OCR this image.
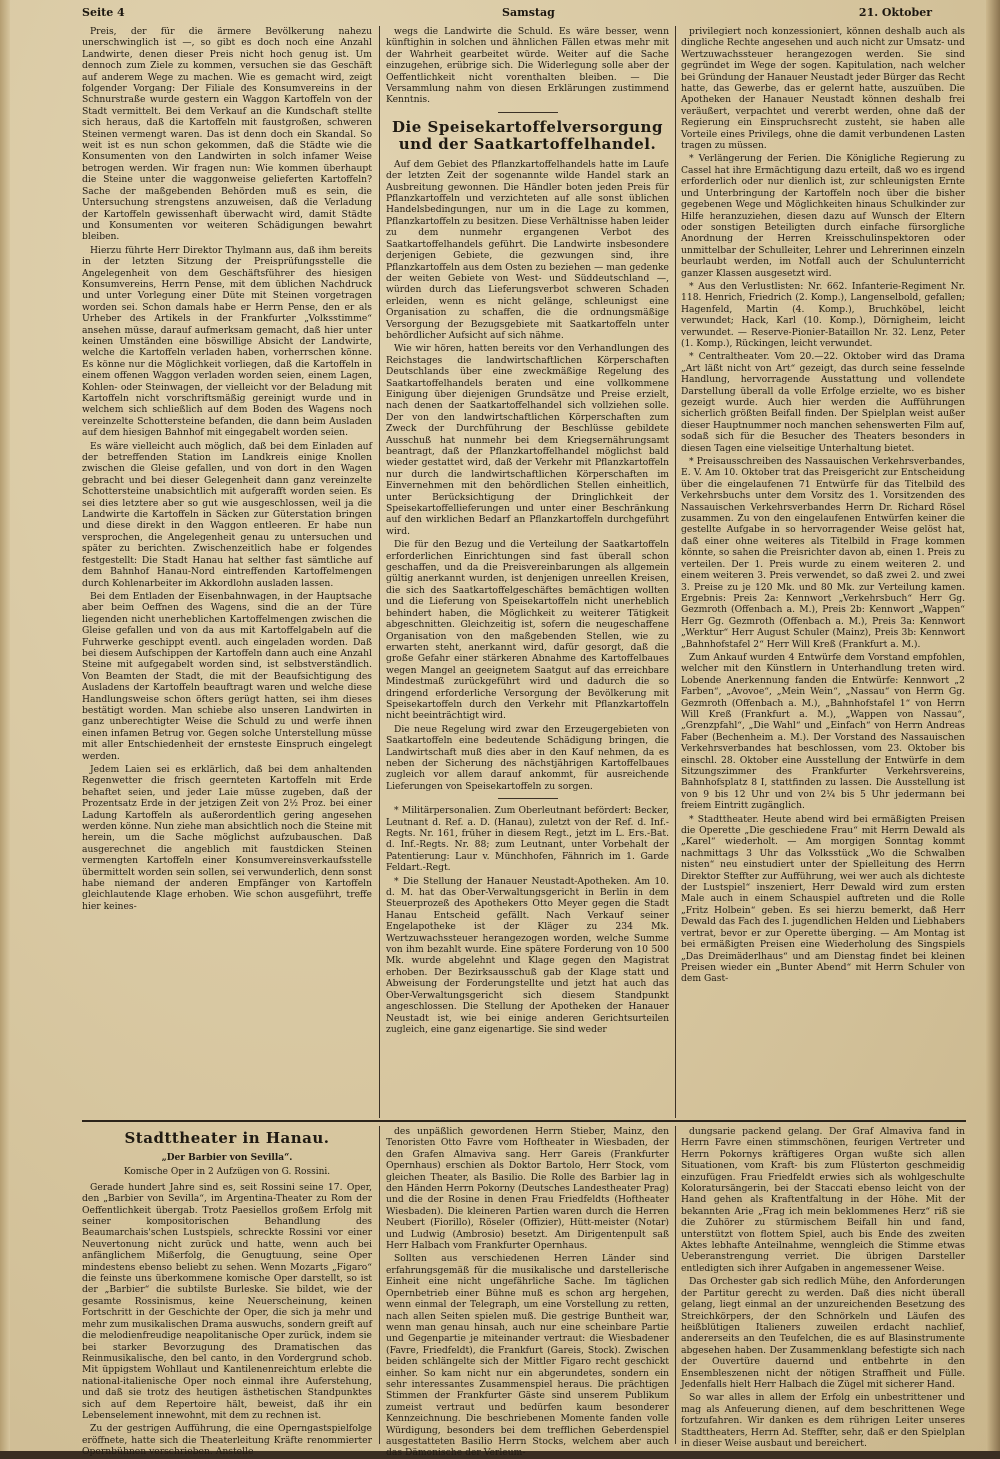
Seite 4	Samstag	21. Oktober

Preis, der für die ärmere Bevölkerung nahezu unerschwinglich ist —, so gibt es doch noch eine Anzahl Landwirte, denen dieser Preis nicht hoch genug ist. Um dennoch zum Ziele zu kommen, versuchen sie das Geschäft auf anderem Wege zu machen. Wie es gemacht wird, zeigt folgender Vorgang: Der Filiale des Konsumvereins in der Schnurstraße wurde gestern ein Waggon Kartoffeln von der Stadt vermittelt. Bei dem Verkauf an die Kundschaft stellte sich heraus, daß die Kartoffeln mit faustgroßen, schweren Steinen vermengt waren. Das ist denn doch ein Skandal. So weit ist es nun schon gekommen, daß die Städte wie die Konsumenten von den Landwirten in solch infamer Weise betrogen werden. Wir fragen nun: Wie kommen überhaupt die Steine unter die waggonweise gelieferten Kartoffeln? Sache der maßgebenden Behörden muß es sein, die Untersuchung strengstens anzuweisen, daß die Verladung der Kartoffeln gewissenhaft überwacht wird, damit Städte und Konsumenten vor weiteren Schädigungen bewahrt bleiben.

Hierzu führte Herr Direktor Thylmann aus, daß ihm bereits in der letzten Sitzung der Preisprüfungsstelle die Angelegenheit von dem Geschäftsführer des hiesigen Konsumvereins, Herrn Pense, mit dem üblichen Nachdruck und unter Vorlegung einer Düte mit Steinen vorgetragen worden sei. Schon damals habe er Herrn Pense, den er als Urheber des Artikels in der Frankfurter „Volksstimme“ ansehen müsse, darauf aufmerksam gemacht, daß hier unter keinen Umständen eine böswillige Absicht der Landwirte, welche die Kartoffeln verladen haben, vorherrschen könne. Es könne nur die Möglichkeit vorliegen, daß die Kartoffeln in einem offenen Waggon verladen worden seien, einem Lagen, Kohlen- oder Steinwagen, der vielleicht vor der Beladung mit Kartoffeln nicht vorschriftsmäßig gereinigt wurde und in welchem sich schließlich auf dem Boden des Wagens noch vereinzelte Schottersteine befanden, die dann beim Ausladen auf dem hiesigen Bahnhof mit eingegabelt worden seien.

Es wäre vielleicht auch möglich, daß bei dem Einladen auf der betreffenden Station im Landkreis einige Knollen zwischen die Gleise gefallen, und von dort in den Wagen gebracht und bei dieser Gelegenheit dann ganz vereinzelte Schottersteine unabsichtlich mit aufgerafft worden seien. Es sei dies letztere aber so gut wie ausgeschlossen, weil ja die Landwirte die Kartoffeln in Säcken zur Güterstation bringen und diese direkt in den Waggon entleeren. Er habe nun versprochen, die Angelegenheit genau zu untersuchen und später zu berichten. Zwischenzeitlich habe er folgendes festgestellt: Die Stadt Hanau hat selther fast sämtliche auf dem Bahnhof Hanau-Nord eintreffenden Kartoffelmengen durch Kohlenarbeiter im Akkordlohn ausladen lassen.

Bei dem Entladen der Eisenbahnwagen, in der Hauptsache aber beim Oeffnen des Wagens, sind die an der Türe liegenden nicht unerheblichen Kartoffelmengen zwischen die Gleise gefallen und von da aus mit Kartoffelgabeln auf die Fuhrwerke geschippt eventl. auch eingeladen worden. Daß bei diesem Aufschippen der Kartoffeln dann auch eine Anzahl Steine mit aufgegabelt worden sind, ist selbstverständlich. Von Beamten der Stadt, die mit der Beaufsichtigung des Ausladens der Kartoffeln beauftragt waren und welche diese Handlungsweise schon öfters gerügt hatten, sei ihm dieses bestätigt worden. Man schiebe also unseren Landwirten in ganz unberechtigter Weise die Schuld zu und werfe ihnen einen infamen Betrug vor. Gegen solche Unterstellung müsse mit aller Entschiedenheit der ernsteste Einspruch eingelegt werden.

Jedem Laien sei es erklärlich, daß bei dem anhaltenden Regenwetter die frisch geernteten Kartoffeln mit Erde behaftet seien, und jeder Laie müsse zugeben, daß der Prozentsatz Erde in der jetzigen Zeit von 2½ Proz. bei einer Ladung Kartoffeln als außerordentlich gering angesehen werden könne. Nun ziehe man absichtlich noch die Steine mit herein, um die Sache möglichst aufzubauschen. Daß ausgerechnet die angeblich mit faustdicken Steinen vermengten Kartoffeln einer Konsumvereinsverkaufsstelle übermittelt worden sein sollen, sei verwunderlich, denn sonst habe niemand der anderen Empfänger von Kartoffeln gleichlautende Klage erhoben. Wie schon ausgeführt, treffe hier keines-

wegs die Landwirte die Schuld. Es wäre besser, wenn künftighin in solchen und ähnlichen Fällen etwas mehr mit der Wahrheit gearbeitet würde. Weiter auf die Sache einzugehen, erübrige sich. Die Widerlegung solle aber der Oeffentlichkeit nicht vorenthalten bleiben. — Die Versammlung nahm von diesen Erklärungen zustimmend Kenntnis.

Die Speisekartoffelversorgung und der Saatkartoffelhandel.

Auf dem Gebiet des Pflanzkartoffelhandels hatte im Laufe der letzten Zeit der sogenannte wilde Handel stark an Ausbreitung gewonnen. Die Händler boten jeden Preis für Pflanzkartoffeln und verzichteten auf alle sonst üblichen Handelsbedingungen, nur um in die Lage zu kommen, Pflanzkartoffeln zu besitzen. Diese Verhältnisse haben leider zu dem nunmehr ergangenen Verbot des Saatkartoffelhandels geführt. Die Landwirte insbesondere derjenigen Gebiete, die gezwungen sind, ihre Pflanzkartoffeln aus dem Osten zu beziehen — man gedenke der weiten Gebiete von West- und Süddeutschland —, würden durch das Lieferungsverbot schweren Schaden erleiden, wenn es nicht gelänge, schleunigst eine Organisation zu schaffen, die die ordnungsmäßige Versorgung der Bezugsgebiete mit Saatkartoffeln unter behördlicher Aufsicht auf sich nähme.

Wie wir hören, hatten bereits vor den Verhandlungen des Reichstages die landwirtschaftlichen Körperschaften Deutschlands über eine zweckmäßige Regelung des Saatkartoffelhandels beraten und eine vollkommene Einigung über diejenigen Grundsätze und Preise erzielt, nach denen der Saatkartoffelhandel sich vollziehen solle. Der von den landwirtschaftlichen Körperschaften zum Zweck der Durchführung der Beschlüsse gebildete Ausschuß hat nunmehr bei dem Kriegsernährungsamt beantragt, daß der Pflanzkartoffelhandel möglichst bald wieder gestattet wird, daß der Verkehr mit Pflanzkartoffeln nur durch die landwirtschaftlichen Körperschaften im Einvernehmen mit den behördlichen Stellen einheitlich, unter Berücksichtigung der Dringlichkeit der Speisekartoffellieferungen und unter einer Beschränkung auf den wirklichen Bedarf an Pflanzkartoffeln durchgeführt wird.

Die für den Bezug und die Verteilung der Saatkartoffeln erforderlichen Einrichtungen sind fast überall schon geschaffen, und da die Preisvereinbarungen als allgemein gültig anerkannt wurden, ist denjenigen unreellen Kreisen, die sich des Saatkartoffelgeschäftes bemächtigen wollten und die Lieferung von Speisekartoffeln nicht unerheblich behindert haben, die Möglichkeit zu weiterer Tätigkeit abgeschnitten. Gleichzeitig ist, sofern die neugeschaffene Organisation von den maßgebenden Stellen, wie zu erwarten steht, anerkannt wird, dafür gesorgt, daß die große Gefahr einer stärkeren Abnahme des Kartoffelbaues wegen Mangel an geeignetem Saatgut auf das erreichbare Mindestmaß zurückgeführt wird und dadurch die so dringend erforderliche Versorgung der Bevölkerung mit Speisekartoffeln durch den Verkehr mit Pflanzkartoffeln nicht beeinträchtigt wird.

Die neue Regelung wird zwar den Erzeugergebieten von Saatkartoffeln eine bedeutende Schädigung bringen, die Landwirtschaft muß dies aber in den Kauf nehmen, da es neben der Sicherung des nächstjährigen Kartoffelbaues zugleich vor allem darauf ankommt, für ausreichende Lieferungen von Speisekartoffeln zu sorgen.

* Militärpersonalien. Zum Oberleutnant befördert: Becker, Leutnant d. Ref. a. D. (Hanau), zuletzt von der Ref. d. Inf.-Regts. Nr. 161, früher in diesem Regt., jetzt im L. Ers.-Bat. d. Inf.-Regts. Nr. 88; zum Leutnant, unter Vorbehalt der Patentierung: Laur v. Münchhofen, Fähnrich im 1. Garde Feldart.-Regt.

* Die Stellung der Hanauer Neustadt-Apotheken. Am 10. d. M. hat das Ober-Verwaltungsgericht in Berlin in dem Steuerprozeß des Apothekers Otto Meyer gegen die Stadt Hanau Entscheid gefällt. Nach Verkauf seiner Engelapotheke ist der Kläger zu 234 Mk. Wertzuwachssteuer herangezogen worden, welche Summe von ihm bezahlt wurde. Eine spätere Forderung von 10 500 Mk. wurde abgelehnt und Klage gegen den Magistrat erhoben. Der Bezirksausschuß gab der Klage statt und Abweisung der Forderungstellte und jetzt hat auch das Ober-Verwaltungsgericht sich diesem Standpunkt angeschlossen. Die Stellung der Apotheken der Hanauer Neustadt ist, wie bei einige anderen Gerichtsurteilen zugleich, eine ganz eigenartige. Sie sind weder

privilegiert noch konzessioniert, können deshalb auch als dingliche Rechte angesehen und auch nicht zur Umsatz- und Wertzuwachssteuer herangezogen werden. Sie sind gegründet im Wege der sogen. Kapitulation, nach welcher bei Gründung der Hanauer Neustadt jeder Bürger das Recht hatte, das Gewerbe, das er gelernt hatte, auszuüben. Die Apotheken der Hanauer Neustadt können deshalb frei veräußert, verpachtet und vererbt werden, ohne daß der Regierung ein Einspruchsrecht zusteht, sie haben alle Vorteile eines Privilegs, ohne die damit verbundenen Lasten tragen zu müssen.

* Verlängerung der Ferien. Die Königliche Regierung zu Cassel hat ihre Ermächtigung dazu erteilt, daß wo es irgend erforderlich oder nur dienlich ist, zur schleunigsten Ernte und Unterbringung der Kartoffeln noch über die bisher gegebenen Wege und Möglichkeiten hinaus Schulkinder zur Hilfe heranzuziehen, diesen dazu auf Wunsch der Eltern oder sonstigen Beteiligten durch einfache fürsorgliche Anordnung der Herren Kreisschulinspektoren oder unmittelbar der Schulleiter, Lehrer und Lehrerinnen einzeln beurlaubt werden, im Notfall auch der Schulunterricht ganzer Klassen ausgesetzt wird.

* Aus den Verlustlisten: Nr. 662. Infanterie-Regiment Nr. 118. Henrich, Friedrich (2. Komp.), Langenselbold, gefallen; Hagenfeld, Martin (4. Komp.), Bruchköbel, leicht verwundet; Hack, Karl (10. Komp.), Dörnigheim, leicht verwundet. — Reserve-Pionier-Bataillon Nr. 32. Lenz, Peter (1. Komp.), Rückingen, leicht verwundet.

* Centraltheater. Vom 20.—22. Oktober wird das Drama „Art läßt nicht von Art“ gezeigt, das durch seine fesselnde Handlung, hervorragende Ausstattung und vollendete Darstellung überall da volle Erfolge erzielte, wo es bisher gezeigt wurde. Auch hier werden die Aufführungen sicherlich größten Beifall finden. Der Spielplan weist außer dieser Hauptnummer noch manchen sehenswerten Film auf, sodaß sich für die Besucher des Theaters besonders in diesen Tagen eine vielseitige Unterhaltung bietet.

* Preisausschreiben des Nassauischen Verkehrsverbandes, E. V. Am 10. Oktober trat das Preisgericht zur Entscheidung über die eingelaufenen 71 Entwürfe für das Titelbild des Verkehrsbuchs unter dem Vorsitz des 1. Vorsitzenden des Nassauischen Verkehrsverbandes Herrn Dr. Richard Rösel zusammen. Zu von den eingelaufenen Entwürfen keiner die gestellte Aufgabe in so hervorragender Weise gelöst hat, daß einer ohne weiteres als Titelbild in Frage kommen könnte, so sahen die Preisrichter davon ab, einen 1. Preis zu verteilen. Der 1. Preis wurde zu einem weiteren 2. und einem weiteren 3. Preis verwendet, so daß zwei 2. und zwei 3. Preise zu je 120 Mk. und 80 Mk. zur Verteilung kamen. Ergebnis: Preis 2a: Kennwort „Verkehrsbuch“ Herr Gg. Gezmroth (Offenbach a. M.), Preis 2b: Kennwort „Wappen“ Herr Gg. Gezmroth (Offenbach a. M.), Preis 3a: Kennwort „Werktur“ Herr August Schuler (Mainz), Preis 3b: Kennwort „Bahnhofstafel 2“ Herr Will Kreß (Frankfurt a. M.).

Zum Ankauf wurden 4 Entwürfe dem Vorstand empfohlen, welcher mit den Künstlern in Unterhandlung treten wird. Lobende Anerkennung fanden die Entwürfe: Kennwort „2 Farben“, „Avovoe“, „Mein Wein“, „Nassau“ von Herrn Gg. Gezmroth (Offenbach a. M.), „Bahnhofstafel 1“ von Herrn Will Kreß (Frankfurt a. M.), „Wappen von Nassau“, „Grenzpfahl“, „Die Wahl“ und „Einfach“ von Herrn Andreas Faber (Bechenheim a. M.). Der Vorstand des Nassauischen Verkehrsverbandes hat beschlossen, vom 23. Oktober bis einschl. 28. Oktober eine Ausstellung der Entwürfe in dem Sitzungszimmer des Frankfurter Verkehrsvereins, Bahnhofsplatz 8 I, stattfinden zu lassen. Die Ausstellung ist von 9 bis 12 Uhr und von 2¼ bis 5 Uhr jedermann bei freiem Eintritt zugänglich.

* Stadttheater. Heute abend wird bei ermäßigten Preisen die Operette „Die geschiedene Frau“ mit Herrn Dewald als „Karel“ wiederholt. — Am morgigen Sonntag kommt nachmittags 3 Uhr das Volksstück „Wo die Schwalben nisten“ neu einstudiert unter der Spielleitung des Herrn Direktor Steffter zur Aufführung, wei wer auch als dichteste der Lustspiel“ inszeniert, Herr Dewald wird zum ersten Male auch in einem Schauspiel auftreten und die Rolle „Fritz Holbein“ geben. Es sei hierzu bemerkt, daß Herr Dewald das Fach des I. jugendlichen Helden und Liebhabers vertrat, bevor er zur Operette überging. — Am Montag ist bei ermäßigten Preisen eine Wiederholung des Singspiels „Das Dreimäderlhaus“ und am Dienstag findet bei kleinen Preisen wieder ein „Bunter Abend“ mit Herrn Schuler von dem Gast-

Stadttheater in Hanau.
„Der Barbier von Sevilla“.
Komische Oper in 2 Aufzügen von G. Rossini.

Gerade hundert Jahre sind es, seit Rossini seine 17. Oper, den „Barbier von Sevilla“, im Argentina-Theater zu Rom der Oeffentlichkeit übergab. Trotz Paesiellos großem Erfolg mit seiner kompositorischen Behandlung des Beaumarchais'schen Lustspiels, schreckte Rossini vor einer Neuvertonung nicht zurück und hatte, wenn auch bei anfänglichem Mißerfolg, die Genugtuung, seine Oper mindestens ebenso beliebt zu sehen. Wenn Mozarts „Figaro“ die feinste uns überkommene komische Oper darstellt, so ist der „Barbier“ die subtilste Burleske. Sie bildet, wie der gesamte Rossinismus, keine Neuerscheinung, keinen Fortschritt in der Geschichte der Oper, die sich ja mehr und mehr zum musikalischen Drama auswuchs, sondern greift auf die melodienfreudige neapolitanische Oper zurück, indem sie bei starker Bevorzugung des Dramatischen das Reinmusikalische, den bel canto, in den Vordergrund schob. Mit üppigstem Wohllaut und Kantilenenreichtum erlebte die national-italienische Oper noch einmal ihre Auferstehung, und daß sie trotz des heutigen ästhetischen Standpunktes sich auf dem Repertoire hält, beweist, daß ihr ein Lebenselement innewohnt, mit dem zu rechnen ist.

Zu der gestrigen Aufführung, die eine Operngastspielfolge eröffnete, hatte sich die Theaterleitung Kräfte renommierter Opernbühnen verschrieben. Anstelle

des unpäßlich gewordenen Herrn Stieber, Mainz, den Tenoristen Otto Favre vom Hoftheater in Wiesbaden, der den Grafen Almaviva sang. Herr Gareis (Frankfurter Opernhaus) erschien als Doktor Bartolo, Herr Stock, vom gleichen Theater, als Basilio. Die Rolle des Barbier lag in den Händen Herrn Pokorny (Deutsches Landestheater Prag) und die der Rosine in denen Frau Friedfeldts (Hoftheater Wiesbaden). Die kleineren Partien waren durch die Herren Neubert (Fiorillo), Röseler (Offizier), Hütt-meister (Notar) und Ludwig (Ambrosio) besetzt. Am Dirigentenpult saß Herr Halbach vom Frankfurter Opernhaus.

Sollten aus verschiedenen Herren Länder sind erfahrungsgemäß für die musikalische und darstellerische Einheit eine nicht ungefährliche Sache. Im täglichen Opernbetrieb einer Bühne muß es schon arg hergehen, wenn einmal der Telegraph, um eine Vorstellung zu retten, nach allen Seiten spielen muß. Die gestrige Buntheit war, wenn man genau hinsah, auch nur eine scheinbare Partie und Gegenpartie je miteinander vertraut: die Wiesbadener (Favre, Friedfeldt), die Frankfurt (Gareis, Stock). Zwischen beiden schlängelte sich der Mittler Figaro recht geschickt einher. So kam nicht nur ein abgerundetes, sondern ein sehr interessantes Zusammenspiel heraus. Die prächtigen Stimmen der Frankfurter Gäste sind unserem Publikum zumeist vertraut und bedürfen kaum besonderer Kennzeichnung. Die beschriebenen Momente fanden volle Würdigung, besonders bei dem trefflichen Geberdenspiel ausgestatteten Basilio Herrn Stocks, welchem aber auch das Dämonische der Verleum-

dungsarie packend gelang. Der Graf Almaviva fand in Herrn Favre einen stimmschönen, feurigen Vertreter und Herrn Pokornys kräftigeres Organ wußte sich allen Situationen, vom Kraft- bis zum Flüsterton geschmeidig einzufügen. Frau Friedfeldt erwies sich als wohlgeschulte Koloratursängerin, bei der Staccati ebenso leicht von der Hand gehen als Kraftentfaltung in der Höhe. Mit der bekannten Arie „Frag ich mein beklommenes Herz“ riß sie die Zuhörer zu stürmischem Beifall hin und fand, unterstützt von flottem Spiel, auch bis Ende des zweiten Aktes lebhafte Anteilnahme, wenngleich die Stimme etwas Ueberanstrengung verriet. Die übrigen Darsteller entledigten sich ihrer Aufgaben in angemessener Weise.

Das Orchester gab sich redlich Mühe, den Anforderungen der Partitur gerecht zu werden. Daß dies nicht überall gelang, liegt einmal an der unzureichenden Besetzung des Streichkörpers, der den Schnörkeln und Läufen des heißblütigen Italieners zuweilen erdacht nachlief, andererseits an den Teufelchen, die es auf Blasinstrumente abgesehen haben. Der Zusammenklang befestigte sich nach der Ouvertüre dauernd und entbehrte in den Ensembleszenen nicht der nötigen Straffheit und Fülle. Jedenfalls hielt Herr Halbach die Zügel mit sicherer Hand.

So war alles in allem der Erfolg ein unbestrittener und mag als Anfeuerung dienen, auf dem beschrittenen Wege fortzufahren. Wir danken es dem rührigen Leiter unseres Stadttheaters, Herrn Ad. Steffter, sehr, daß er den Spielplan in dieser Weise ausbaut und bereichert.
